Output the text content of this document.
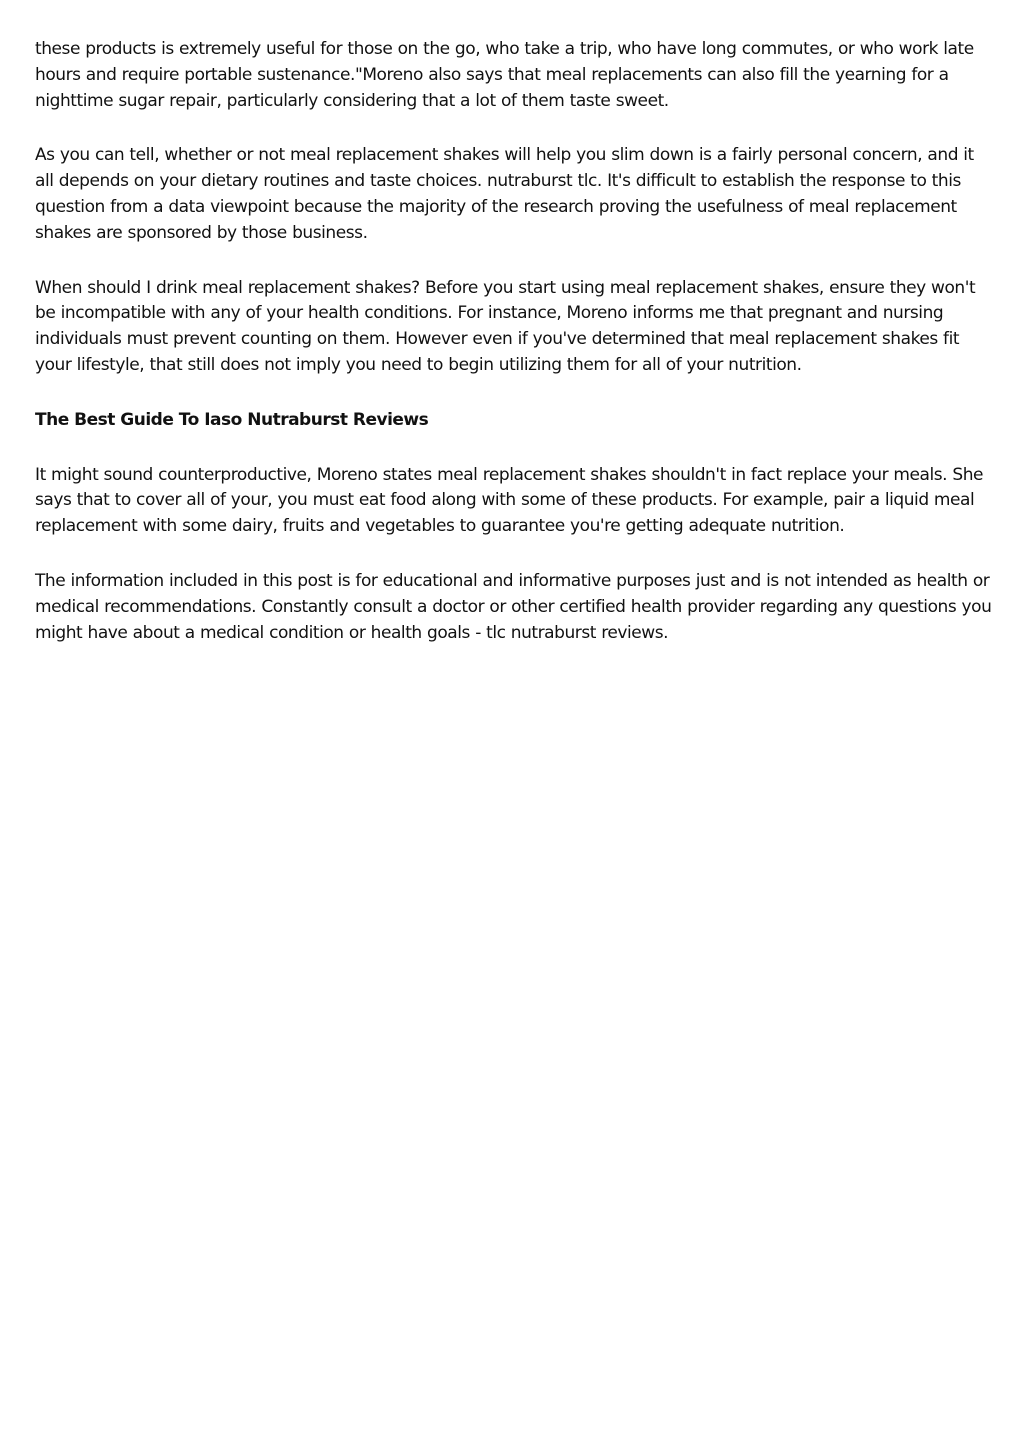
these products is extremely useful for those on the go, who take a trip, who have long commutes, or who work late hours and require portable sustenance."Moreno also says that meal replacements can also fill the yearning for a nighttime sugar repair, particularly considering that a lot of them taste sweet.

As you can tell, whether or not meal replacement shakes will help you slim down is a fairly personal concern, and it all depends on your dietary routines and taste choices. nutraburst tlc. It's difficult to establish the response to this question from a data viewpoint because the majority of the research proving the usefulness of meal replacement shakes are sponsored by those business.

When should I drink meal replacement shakes? Before you start using meal replacement shakes, ensure they won't be incompatible with any of your health conditions. For instance, Moreno informs me that pregnant and nursing individuals must prevent counting on them. However even if you've determined that meal replacement shakes fit your lifestyle, that still does not imply you need to begin utilizing them for all of your nutrition.

The Best Guide To Iaso Nutraburst Reviews

It might sound counterproductive, Moreno states meal replacement shakes shouldn't in fact replace your meals. She says that to cover all of your, you must eat food along with some of these products. For example, pair a liquid meal replacement with some dairy, fruits and vegetables to guarantee you're getting adequate nutrition.

The information included in this post is for educational and informative purposes just and is not intended as health or medical recommendations. Constantly consult a doctor or other certified health provider regarding any questions you might have about a medical condition or health goals - tlc nutraburst reviews.
